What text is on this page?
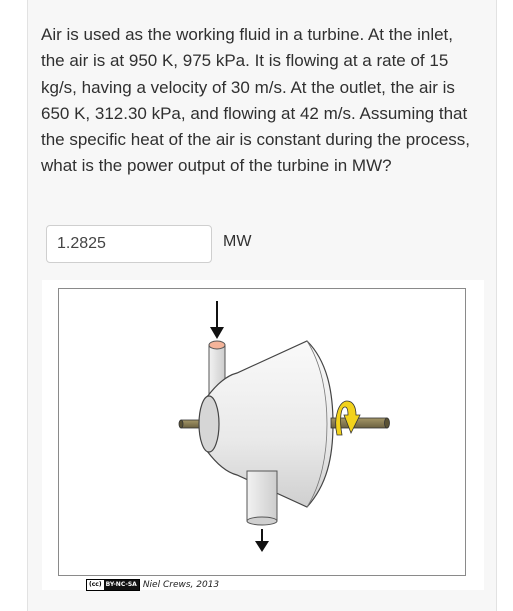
Air is used as the working fluid in a turbine. At the inlet, the air is at 950 K, 975 kPa. It is flowing at a rate of 15 kg/s, having a velocity of 30 m/s. At the outlet, the air is 650 K, 312.30 kPa, and flowing at 42 m/s. Assuming that the specific heat of the air is constant during the process, what is the power output of the turbine in MW?

1.2825	MW
(cc) BY-NC-SA Niel Crews, 2013
